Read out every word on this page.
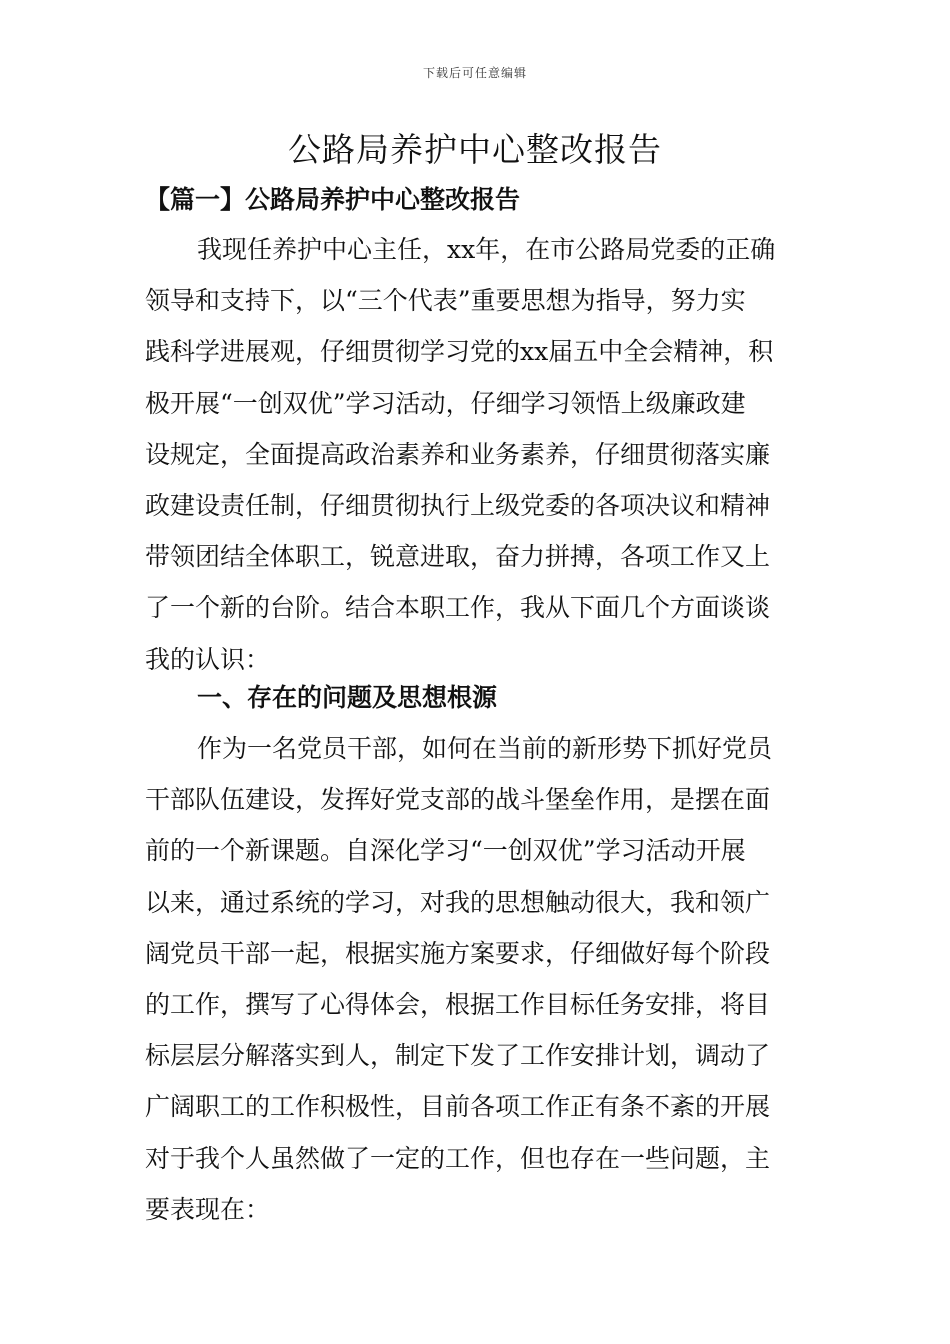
下载后可任意编辑
公路局养护中心整改报告
【篇一】公路局养护中心整改报告
我现任养护中心主任，xx年，在市公路局党委的正确
领导和支持下，以“三个代表”重要思想为指导，努力实
践科学进展观，仔细贯彻学习党的xx届五中全会精神，积
极开展“一创双优”学习活动，仔细学习领悟上级廉政建
设规定，全面提高政治素养和业务素养，仔细贯彻落实廉
政建设责任制，仔细贯彻执行上级党委的各项决议和精神
带领团结全体职工，锐意进取，奋力拼搏，各项工作又上
了一个新的台阶。结合本职工作，我从下面几个方面谈谈
我的认识：
一、存在的问题及思想根源
作为一名党员干部，如何在当前的新形势下抓好党员
干部队伍建设，发挥好党支部的战斗堡垒作用，是摆在面
前的一个新课题。自深化学习“一创双优”学习活动开展
以来，通过系统的学习，对我的思想触动很大，我和领广
阔党员干部一起，根据实施方案要求，仔细做好每个阶段
的工作，撰写了心得体会，根据工作目标任务安排，将目
标层层分解落实到人，制定下发了工作安排计划，调动了
广阔职工的工作积极性，目前各项工作正有条不紊的开展
对于我个人虽然做了一定的工作，但也存在一些问题，主
要表现在：
